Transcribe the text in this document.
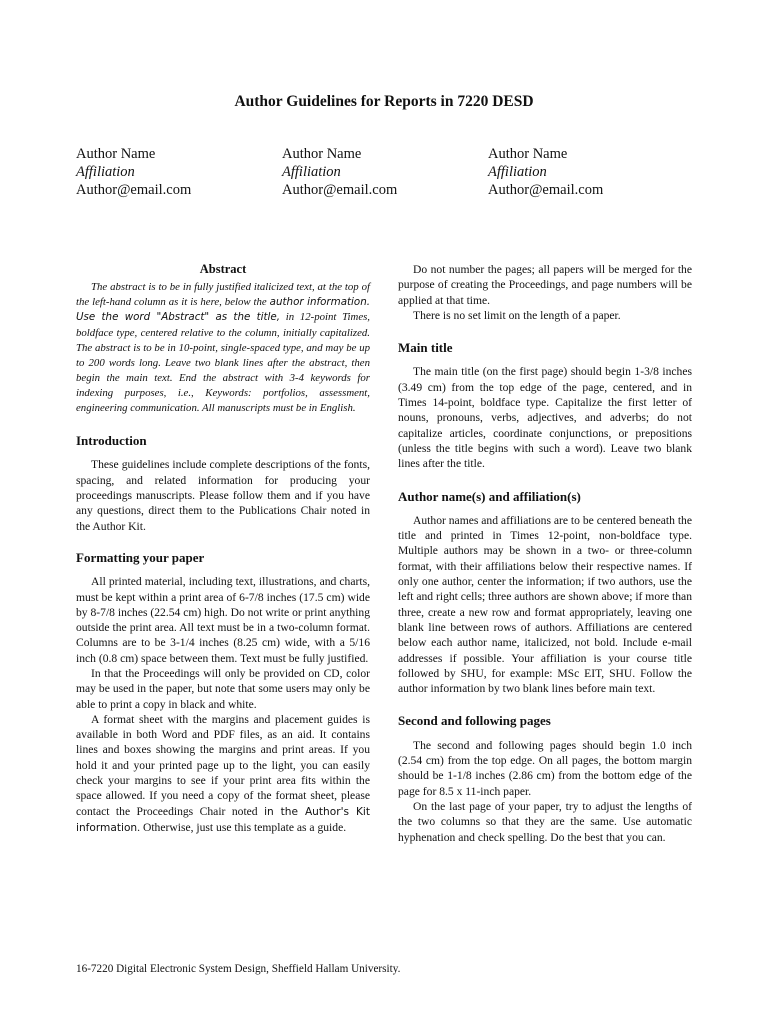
Author Guidelines for Reports in 7220 DESD
Author Name
Affiliation
Author@email.com
Author Name
Affiliation
Author@email.com
Author Name
Affiliation
Author@email.com
Abstract

The abstract is to be in fully justified italicized text, at the top of the left-hand column as it is here, below the author information. Use the word "Abstract" as the title, in 12-point Times, boldface type, centered relative to the column, initially capitalized. The abstract is to be in 10-point, single-spaced type, and may be up to 200 words long. Leave two blank lines after the abstract, then begin the main text. End the abstract with 3-4 keywords for indexing purposes, i.e., Keywords: portfolios, assessment, engineering communication. All manuscripts must be in English.

Introduction

These guidelines include complete descriptions of the fonts, spacing, and related information for producing your proceedings manuscripts. Please follow them and if you have any questions, direct them to the Publications Chair noted in the Author Kit.

Formatting your paper

All printed material, including text, illustrations, and charts, must be kept within a print area of 6-7/8 inches (17.5 cm) wide by 8-7/8 inches (22.54 cm) high. Do not write or print anything outside the print area. All text must be in a two-column format. Columns are to be 3-1/4 inches (8.25 cm) wide, with a 5/16 inch (0.8 cm) space between them. Text must be fully justified.

In that the Proceedings will only be provided on CD, color may be used in the paper, but note that some users may only be able to print a copy in black and white.

A format sheet with the margins and placement guides is available in both Word and PDF files, as an aid. It contains lines and boxes showing the margins and print areas. If you hold it and your printed page up to the light, you can easily check your margins to see if your print area fits within the space allowed. If you need a copy of the format sheet, please contact the Proceedings Chair noted in the Author's Kit information. Otherwise, just use this template as a guide.

Do not number the pages; all papers will be merged for the purpose of creating the Proceedings, and page numbers will be applied at that time.

There is no set limit on the length of a paper.

Main title

The main title (on the first page) should begin 1-3/8 inches (3.49 cm) from the top edge of the page, centered, and in Times 14-point, boldface type. Capitalize the first letter of nouns, pronouns, verbs, adjectives, and adverbs; do not capitalize articles, coordinate conjunctions, or prepositions (unless the title begins with such a word). Leave two blank lines after the title.

Author name(s) and affiliation(s)

Author names and affiliations are to be centered beneath the title and printed in Times 12-point, non-boldface type. Multiple authors may be shown in a two- or three-column format, with their affiliations below their respective names. If only one author, center the information; if two authors, use the left and right cells; three authors are shown above; if more than three, create a new row and format appropriately, leaving one blank line between rows of authors. Affiliations are centered below each author name, italicized, not bold. Include e-mail addresses if possible. Your affiliation is your course title followed by SHU, for example: MSc EIT, SHU. Follow the author information by two blank lines before main text.

Second and following pages

The second and following pages should begin 1.0 inch (2.54 cm) from the top edge. On all pages, the bottom margin should be 1-1/8 inches (2.86 cm) from the bottom edge of the page for 8.5 x 11-inch paper.

On the last page of your paper, try to adjust the lengths of the two columns so that they are the same. Use automatic hyphenation and check spelling. Do the best that you can.

16-7220 Digital Electronic System Design, Sheffield Hallam University.
